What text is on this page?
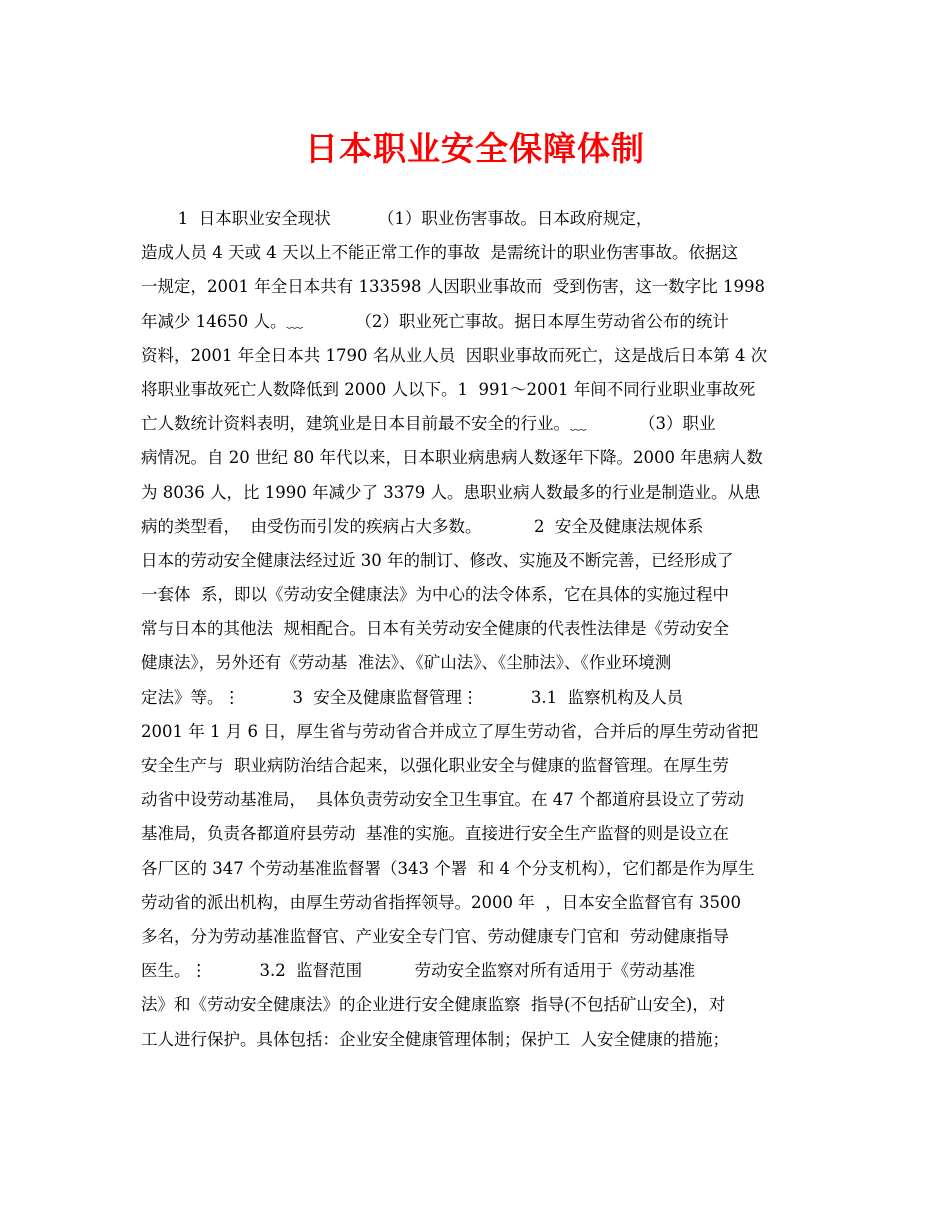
日本职业安全保障体制
1  日本职业安全现状         （1）职业伤害事故。日本政府规定，
造成人员 4 天或 4 天以上不能正常工作的事故  是需统计的职业伤害事故。依据这
一规定，2001 年全日本共有 133598 人因职业事故而  受到伤害，这一数字比 1998
年减少 14650 人。﹏          （2）职业死亡事故。据日本厚生劳动省公布的统计
资料，2001 年全日本共 1790 名从业人员  因职业事故而死亡，这是战后日本第 4 次
将职业事故死亡人数降低到 2000 人以下。1  991～2001 年间不同行业职业事故死
亡人数统计资料表明，建筑业是日本目前最不安全的行业。﹏          （3）职业
病情况。自 20 世纪 80 年代以来，日本职业病患病人数逐年下降。2000 年患病人数
为 8036 人，比 1990 年减少了 3379 人。患职业病人数最多的行业是制造业。从患
病的类型看，  由受伤而引发的疾病占大多数。          2  安全及健康法规体系
日本的劳动安全健康法经过近 30 年的制订、修改、实施及不断完善，已经形成了
一套体  系，即以《劳动安全健康法》为中心的法令体系，它在具体的实施过程中
常与日本的其他法  规相配合。日本有关劳动安全健康的代表性法律是《劳动安全
健康法》，另外还有《劳动基  准法》、《矿山法》、《尘肺法》、《作业环境测
定法》等。⋮          3  安全及健康监督管理⋮          3.1  监察机构及人员
2001 年 1 月 6 日，厚生省与劳动省合并成立了厚生劳动省，合并后的厚生劳动省把
安全生产与  职业病防治结合起来，以强化职业安全与健康的监督管理。在厚生劳
动省中设劳动基准局，  具体负责劳动安全卫生事宜。在 47 个都道府县设立了劳动
基准局，负责各都道府县劳动  基准的实施。直接进行安全生产监督的则是设立在
各厂区的 347 个劳动基准监督署（343 个署  和 4 个分支机构），它们都是作为厚生
劳动省的派出机构，由厚生劳动省指挥领导。2000 年  ，日本安全监督官有 3500
多名，分为劳动基准监督官、产业安全专门官、劳动健康专门官和  劳动健康指导
医生。⋮          3.2  监督范围          劳动安全监察对所有适用于《劳动基准
法》和《劳动安全健康法》的企业进行安全健康监察  指导(不包括矿山安全)，对
工人进行保护。具体包括：企业安全健康管理体制；保护工  人安全健康的措施；
